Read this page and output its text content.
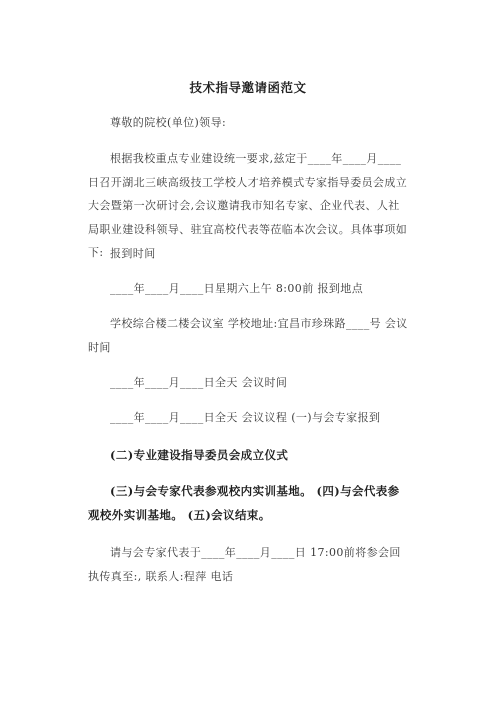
技术指导邀请函范文

尊敬的院校(单位)领导:

根据我校重点专业建设统一要求,兹定于____年____月____日召开湖北三峡高级技工学校人才培养模式专家指导委员会成立大会暨第一次研讨会,会议邀请我市知名专家、企业代表、人社局职业建设科领导、驻宜高校代表等莅临本次会议。具体事项如下: 报到时间

____年____月____日星期六上午 8:00前 报到地点

学校综合楼二楼会议室 学校地址:宜昌市珍珠路____号 会议时间

____年____月____日全天 会议时间

____年____月____日全天 会议议程 (一)与会专家报到

(二)专业建设指导委员会成立仪式

(三)与会专家代表参观校内实训基地。 (四)与会代表参观校外实训基地。 (五)会议结束。

请与会专家代表于____年____月____日 17:00前将参会回执传真至:, 联系人:程萍 电话
